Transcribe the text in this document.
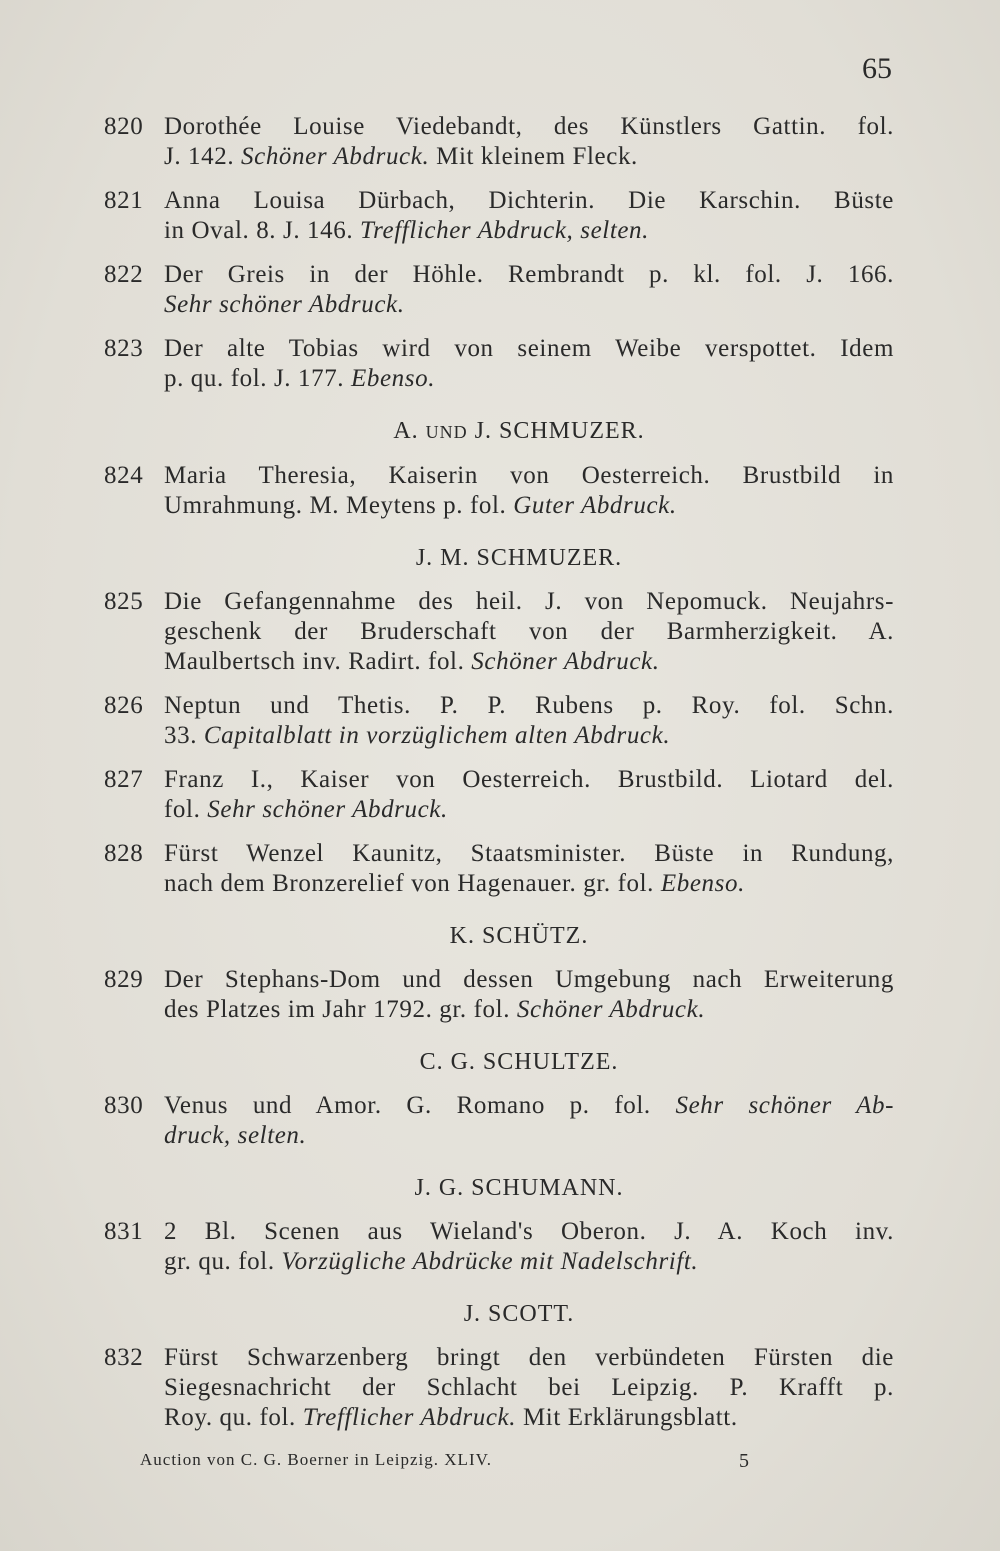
65
820 Dorothée Louise Viedebandt, des Künstlers Gattin. fol.
J. 142. Schöner Abdruck. Mit kleinem Fleck.
821 Anna Louisa Dürbach, Dichterin. Die Karschin. Büste
in Oval. 8. J. 146. Trefflicher Abdruck, selten.
822 Der Greis in der Höhle. Rembrandt p. kl. fol. J. 166.
Sehr schöner Abdruck.
823 Der alte Tobias wird von seinem Weibe verspottet. Idem
p. qu. fol. J. 177. Ebenso.
A. UND J. SCHMUZER.
824 Maria Theresia, Kaiserin von Oesterreich. Brustbild in
Umrahmung. M. Meytens p. fol. Guter Abdruck.
J. M. SCHMUZER.
825 Die Gefangennahme des heil. J. von Nepomuck. Neujahrs-
geschenk der Bruderschaft von der Barmherzigkeit. A.
Maulbertsch inv. Radirt. fol. Schöner Abdruck.
826 Neptun und Thetis. P. P. Rubens p. Roy. fol. Schn.
33. Capitalblatt in vorzüglichem alten Abdruck.
827 Franz I., Kaiser von Oesterreich. Brustbild. Liotard del.
fol. Sehr schöner Abdruck.
828 Fürst Wenzel Kaunitz, Staatsminister. Büste in Rundung,
nach dem Bronzerelief von Hagenauer. gr. fol. Ebenso.
K. SCHÜTZ.
829 Der Stephans-Dom und dessen Umgebung nach Erweiterung
des Platzes im Jahr 1792. gr. fol. Schöner Abdruck.
C. G. SCHULTZE.
830 Venus und Amor. G. Romano p. fol. Sehr schöner Ab-
druck, selten.
J. G. SCHUMANN.
831 2 Bl. Scenen aus Wieland's Oberon. J. A. Koch inv.
gr. qu. fol. Vorzügliche Abdrücke mit Nadelschrift.
J. SCOTT.
832 Fürst Schwarzenberg bringt den verbündeten Fürsten die
Siegesnachricht der Schlacht bei Leipzig. P. Krafft p.
Roy. qu. fol. Trefflicher Abdruck. Mit Erklärungsblatt.
Auction von C. G. Boerner in Leipzig. XLIV.	5
